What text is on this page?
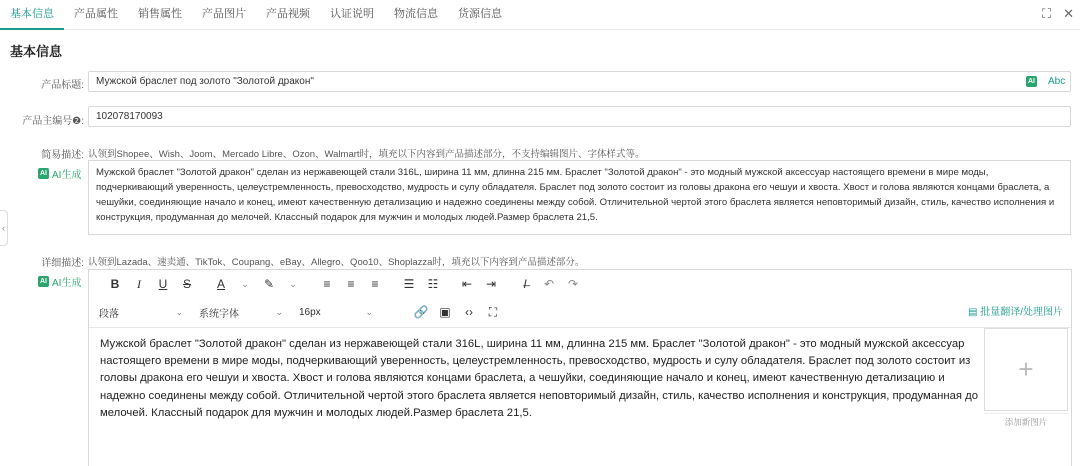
基本信息	产品属性	销售属性	产品图片	产品视频	认证说明	物流信息	货源信息	⛶ ✕
基本信息
产品标题: Мужской браслет под золото "Золотой дракон"	AI Abc
产品主编号❷: 102078170093
简易描述: 认领到Shopee、Wish、Joom、Mercado Libre、Ozon、Walmart时，填充以下内容到产品描述部分，不支持编辑图片、字体样式等。
AI AI生成	Мужской браслет "Золотой дракон" сделан из нержавеющей стали 316L, ширина 11 мм, длинна 215 мм. Браслет "Золотой дракон" - это модный мужской аксессуар настоящего времени в мире моды, подчеркивающий уверенность, целеустремленность, превосходство, мудрость и сулу обладателя. Браслет под золото состоит из головы дракона его чешуи и хвоста. Хвост и голова являются концами браслета, а чешуйки, соединяющие начало и конец, имеют качественную детализацию и надежно соединены между собой. Отличительной чертой этого браслета является неповторимый дизайн, стиль, качество исполнения и конструкция, продуманная до мелочей. Классный подарок для мужчин и молодых людей.Размер браслета 21,5.
‹
详细描述: 认领到Lazada、速卖通、TikTok、Coupang、eBay、Allegro、Qoo10、Shoplazza时，填充以下内容到产品描述部分。
AI AI生成	B	I	U	S	A	⌄	✎	⌄	≡	≡	≡	☰	☷	⇤	⇥	I̶	↶	↷
段落	⌄ 系统字体	⌄ 16px	⌄	🔗 ▣	‹›	⛶	▤ 批量翻译/处理图片
Мужской браслет "Золотой дракон" сделан из нержавеющей стали 316L, ширина 11 мм, длинна 215 мм. Браслет "Золотой дракон" - это модный мужской аксессуар настоящего времени в мире моды, подчеркивающий уверенность, целеустремленность, превосходство, мудрость и сулу обладателя. Браслет под золото состоит из головы дракона его чешуи и хвоста. Хвост и голова являются концами браслета, а чешуйки, соединяющие начало и конец, имеют качественную детализацию и надежно соединены между собой. Отличительной чертой этого браслета является неповторимый дизайн, стиль, качество исполнения и конструкция, продуманная до мелочей. Классный подарок для мужчин и молодых людей.Размер браслета 21,5.
+
添加新图片
